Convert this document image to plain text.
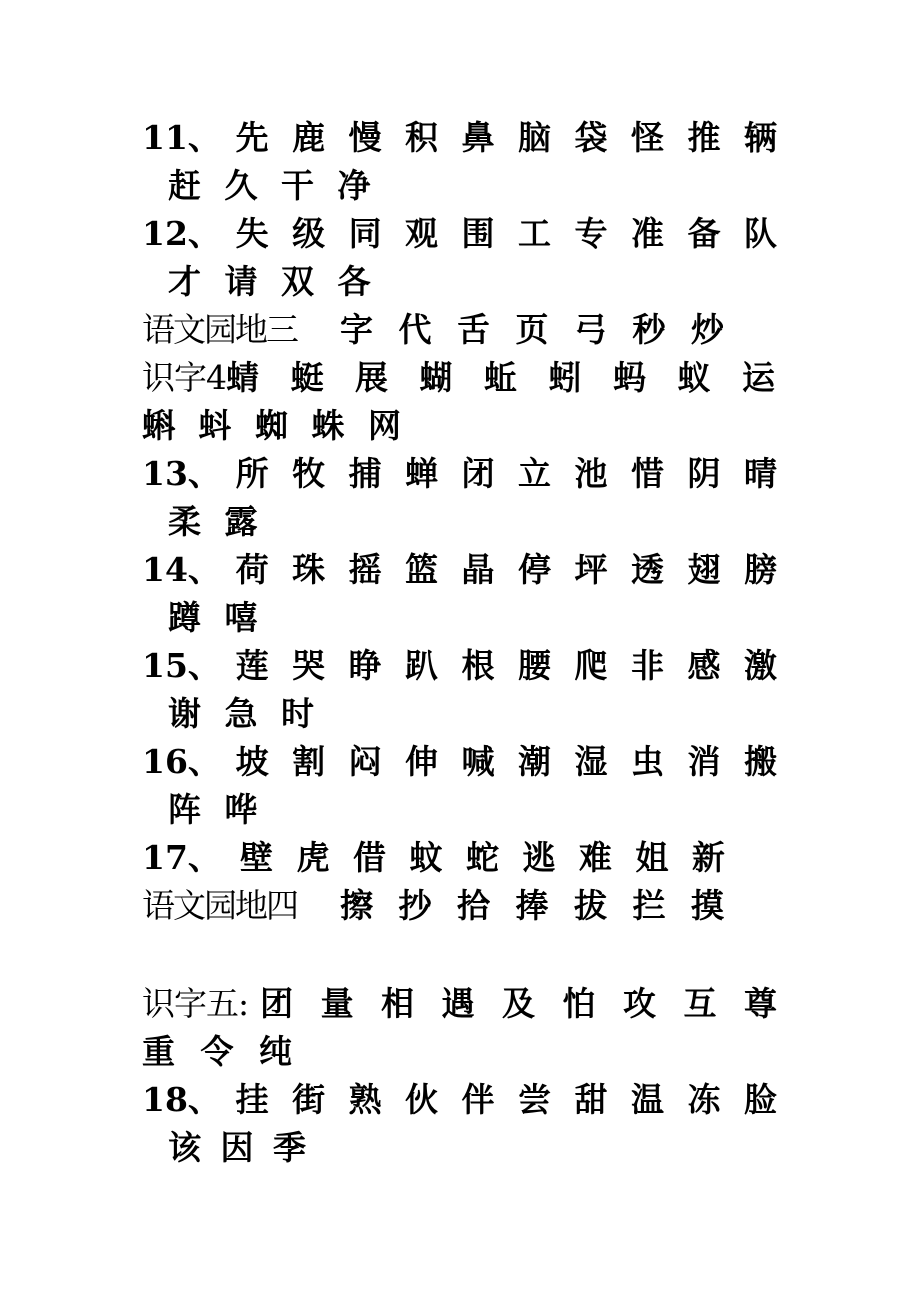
11、 先 鹿 慢 积 鼻 脑 袋 怪 推 辆
赶 久 干 净
12、 失 级 同 观 围 工 专 准 备 队
才 请 双 各
语文园地三	字 代 舌 页 弓 秒 炒
识字4 蜻 蜓 展 蝴 蚯 蚓 蚂 蚁 运
蝌 蚪 蜘 蛛 网
13、 所 牧 捕 蝉 闭 立 池 惜 阴 晴
柔 露
14、 荷 珠 摇 篮 晶 停 坪 透 翅 膀
蹲 嘻
15、 莲 哭 睁 趴 根 腰 爬 非 感 激
谢 急 时
16、 坡 割 闷 伸 喊 潮 湿 虫 消 搬
阵 哗
17、 壁 虎 借 蚊 蛇 逃 难 姐 新
语文园地四	擦 抄 拾 捧 拔 拦 摸
识字五: 团 量 相 遇 及 怕 攻 互 尊
重 令 纯
18、 挂 街 熟 伙 伴 尝 甜 温 冻 脸
该 因 季
